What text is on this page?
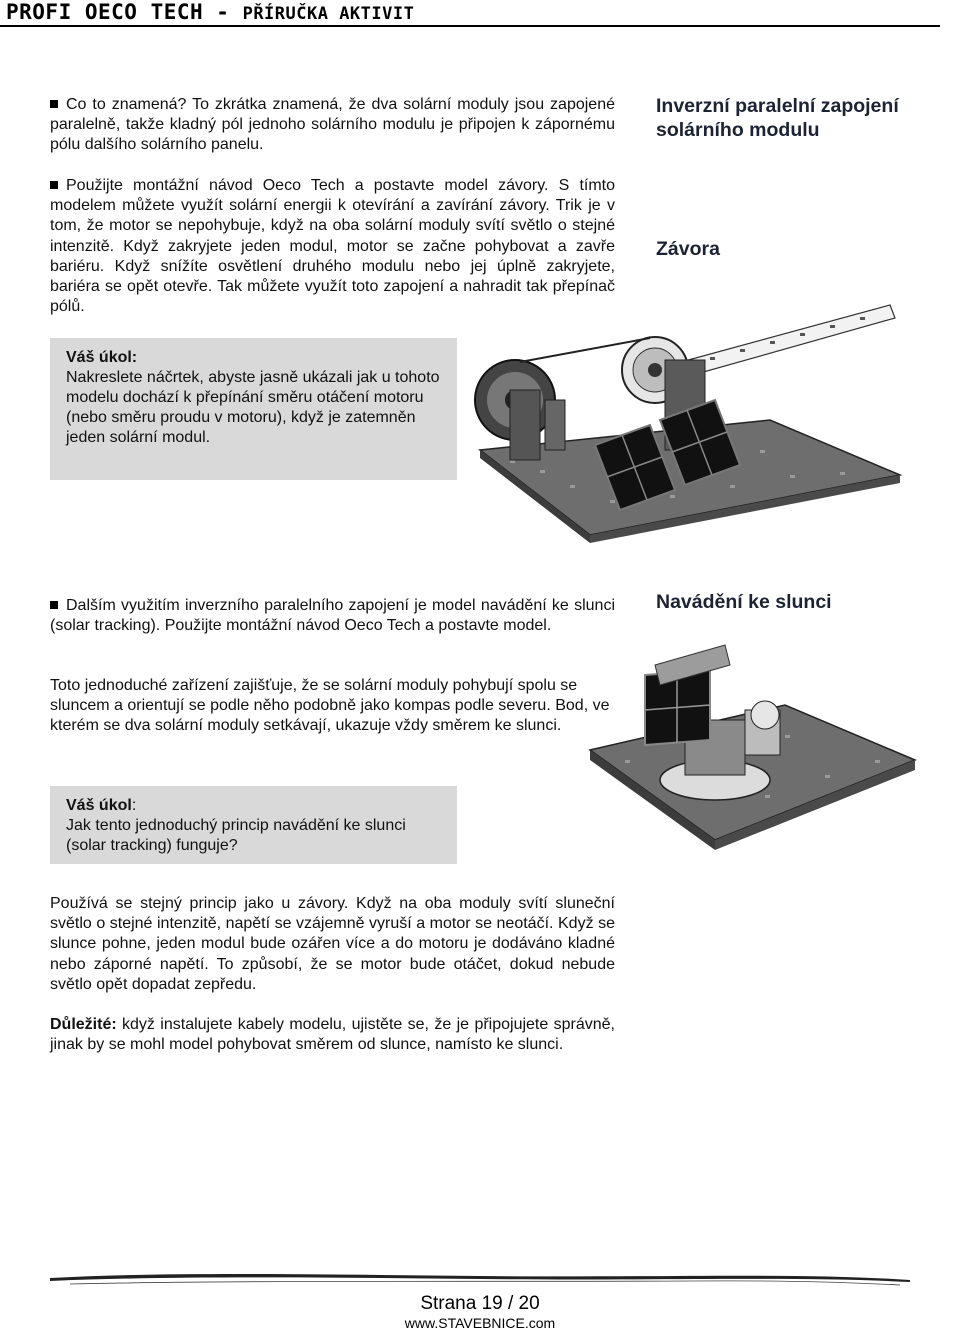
PROFI OECO TECH - PŘÍRUČKA AKTIVIT
Co to znamená? To zkrátka znamená, že dva solární moduly jsou zapojené paralelně, takže kladný pól jednoho solárního modulu je připojen k zápornému pólu dalšího solárního panelu.
Použijte montážní návod Oeco Tech a postavte model závory. S tímto modelem můžete využít solární energii k otevírání a zavírání závory. Trik je v tom, že motor se nepohybuje, když na oba solární moduly svítí světlo o stejné intenzitě. Když zakryjete jeden modul, motor se začne pohybovat a zavře bariéru. Když snížíte osvětlení druhého modulu nebo jej úplně zakryjete, bariéra se opět otevře. Tak můžete využít toto zapojení a nahradit tak přepínač pólů.
Inverzní paralelní zapojení solárního modulu
Závora
Váš úkol:
Nakreslete náčrtek, abyste jasně ukázali jak u tohoto modelu dochází k přepínání směru otáčení motoru (nebo směru proudu v motoru), když je zatemněn jeden solární modul.
Dalším využitím inverzního paralelního zapojení je model navádění ke slunci (solar tracking). Použijte montážní návod Oeco Tech a postavte model.
Navádění ke slunci
Toto jednoduché zařízení zajišťuje, že se solární moduly pohybují spolu se sluncem a orientují se podle něho podobně jako kompas podle severu. Bod, ve kterém se dva solární moduly setkávají, ukazuje vždy směrem ke slunci.
Váš úkol:
Jak tento jednoduchý princip navádění ke slunci (solar tracking) funguje?
Používá se stejný princip jako u závory. Když na oba moduly svítí sluneční světlo o stejné intenzitě, napětí se vzájemně vyruší a motor se neotáčí. Když se slunce pohne, jeden modul bude ozářen více a do motoru je dodáváno kladné nebo záporné napětí. To způsobí, že se motor bude otáčet, dokud nebude světlo opět dopadat zepředu.
Důležité: když instalujete kabely modelu, ujistěte se, že je připojujete správně, jinak by se mohl model pohybovat směrem od slunce, namísto ke slunci.
Strana 19 / 20
www.STAVEBNICE.com
